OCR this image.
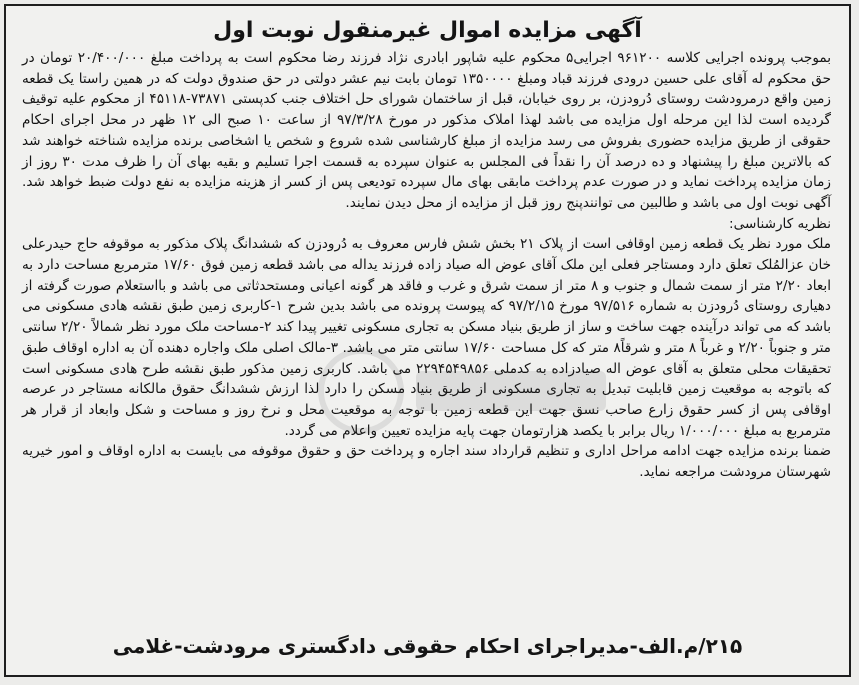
آگهی مزایده اموال غیرمنقول نوبت اول

بموجب پرونده اجرایی کلاسه ۹۶۱۲۰۰ اجرایی۵ محکوم علیه شاپور ابادری نژاد فرزند رضا محکوم است به پرداخت مبلغ ۲۰/۴۰۰/۰۰۰ تومان در حق محکوم له آقای علی حسین درودی فرزند قباد ومبلغ ۱۳۵۰۰۰۰ تومان بابت نیم عشر دولتی در حق صندوق دولت که در همین راستا یک قطعه زمین واقع درمرودشت روستای دُرودزن، بر روی خیابان، قبل از ساختمان شورای حل اختلاف جنب کدپستی ۷۳۸۷۱-۴۵۱۱۸ از محکوم علیه توقیف گردیده است لذا این مرحله اول مزایده می باشد لهذا املاک مذکور در مورخ ۹۷/۳/۲۸ از ساعت ۱۰ صبح الی ۱۲ ظهر در محل اجرای احکام حقوقی از طریق مزایده حضوری بفروش می رسد مزایده از مبلغ کارشناسی شده شروع و شخص یا اشخاصی برنده مزایده شناخته خواهند شد که بالاترین مبلغ را پیشنهاد و ده درصد آن را نقداً فی المجلس به عنوان سپرده به قسمت اجرا تسلیم و بقیه بهای آن را ظرف مدت ۳۰ روز از زمان مزایده پرداخت نماید و در صورت عدم پرداخت مابقی بهای مال سپرده تودیعی پس از کسر از هزینه مزایده به نفع دولت ضبط خواهد شد. آگهی نوبت اول می باشد و طالبین می توانندپنج روز قبل از مزایده از محل دیدن نمایند.

نظریه کارشناسی:

ملک مورد نظر یک قطعه زمین اوقافی است از پلاک ۲۱ بخش شش فارس معروف به دُرودزن که ششدانگ پلاک مذکور به موقوفه حاج حیدرعلی خان عزالمُلک تعلق دارد ومستاجر فعلی این ملک آقای عوض اله صیاد زاده فرزند یداله می باشد قطعه زمین فوق ۱۷/۶۰ مترمربع مساحت دارد به ابعاد ۲/۲۰ متر از سمت شمال و جنوب و ۸ متر از سمت شرق و غرب و فاقد هر گونه اعیانی ومستحدثاتی می باشد و بااستعلام صورت گرفته از دهیاری روستای دُرودزن به شماره ۹۷/۵۱۶ مورخ ۹۷/۲/۱۵ که پیوست پرونده می باشد بدین شرح ۱-کاربری زمین طبق نقشه هادی مسکونی می باشد که می تواند درآینده جهت ساخت و ساز از طریق بنیاد مسکن به تجاری مسکونی تغییر پیدا کند ۲-مساحت ملک مورد نظر شمالاً ۲/۲۰ سانتی متر و جنوباً ۲/۲۰ و غرباً ۸ متر و شرقاً۸ متر که کل مساحت ۱۷/۶۰ سانتی متر می باشد. ۳-مالک اصلی ملک واجاره دهنده آن به اداره اوقاف طبق تحقیقات محلی متعلق به آقای عوض اله صیادزاده به کدملی ۲۲۹۴۵۴۹۸۵۶ می باشد. کاربری زمین مذکور طبق نقشه طرح هادی مسکونی است که باتوجه به موقعیت زمین قابلیت تبدیل به تجاری مسکونی از طریق بنیاد مسکن را دارد لذا ارزش ششدانگ حقوق مالکانه مستاجر در عرصه اوقافی پس از کسر حقوق زارع صاحب نسق جهت این قطعه زمین با توجه به موقعیت محل و نرخ روز و مساحت و شکل وابعاد از قرار هر مترمربع به مبلغ ۱/۰۰۰/۰۰۰ ریال برابر با یکصد هزارتومان جهت پایه مزایده تعیین واعلام می گردد.

ضمنا برنده مزایده جهت ادامه مراحل اداری و تنظیم قرارداد سند اجاره و پرداخت حق و حقوق موقوفه می بایست به اداره اوقاف و امور خیریه شهرستان مرودشت مراجعه نماید.

۲۱۵/م.الف-مدیراجرای احکام حقوقی دادگستری مرودشت-غلامی
